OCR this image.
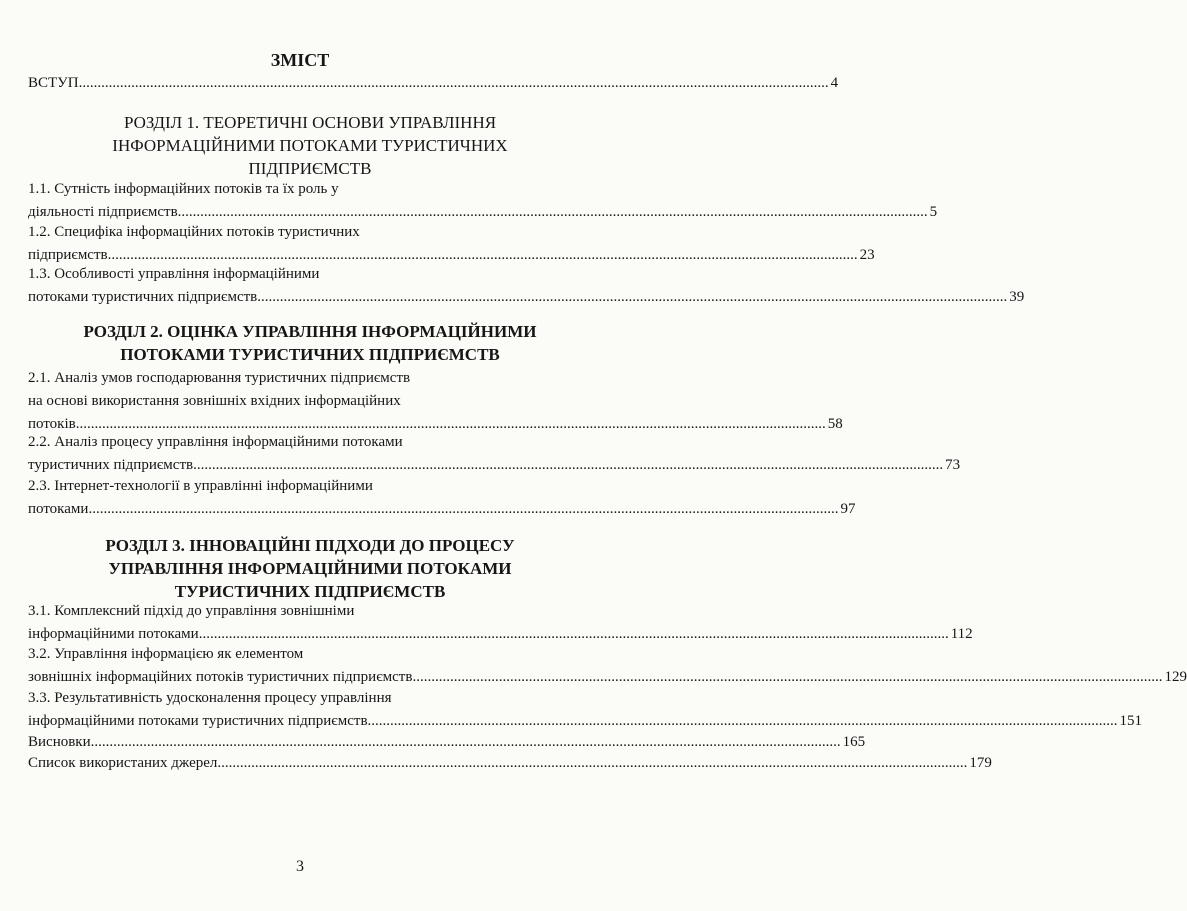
ЗМІСТ
ВСТУП ........................................................................................................................................................................................................ 4
РОЗДІЛ 1. ТЕОРЕТИЧНІ ОСНОВИ УПРАВЛІННЯ
ІНФОРМАЦІЙНИМИ ПОТОКАМИ ТУРИСТИЧНИХ
ПІДПРИЄМСТВ
1.1. Сутність інформаційних потоків та їх роль у
діяльності підприємств ........................................................................................................................................................................................................ 5
1.2. Специфіка інформаційних потоків туристичних
підприємств ........................................................................................................................................................................................................ 23
1.3. Особливості управління інформаційними
потоками туристичних підприємств ........................................................................................................................................................................................................ 39
РОЗДІЛ 2. ОЦІНКА УПРАВЛІННЯ ІНФОРМАЦІЙНИМИ
ПОТОКАМИ ТУРИСТИЧНИХ ПІДПРИЄМСТВ
2.1. Аналіз умов господарювання туристичних підприємств
на основі використання зовнішніх вхідних інформаційних
потоків ........................................................................................................................................................................................................ 58
2.2. Аналіз процесу управління інформаційними потоками
туристичних підприємств ........................................................................................................................................................................................................ 73
2.3. Інтернет-технології в управлінні інформаційними
потоками ........................................................................................................................................................................................................ 97
РОЗДІЛ 3. ІННОВАЦІЙНІ ПІДХОДИ ДО ПРОЦЕСУ
УПРАВЛІННЯ ІНФОРМАЦІЙНИМИ ПОТОКАМИ
ТУРИСТИЧНИХ ПІДПРИЄМСТВ
3.1. Комплексний підхід до управління зовнішніми
інформаційними потоками ........................................................................................................................................................................................................ 112
3.2. Управління інформацією як елементом
зовнішніх інформаційних потоків туристичних підприємств ........................................................................................................................................................................................................ 129
3.3. Результативність удосконалення процесу управління
інформаційними потоками туристичних підприємств ........................................................................................................................................................................................................ 151
Висновки ........................................................................................................................................................................................................ 165
Список використаних джерел ........................................................................................................................................................................................................ 179
3
